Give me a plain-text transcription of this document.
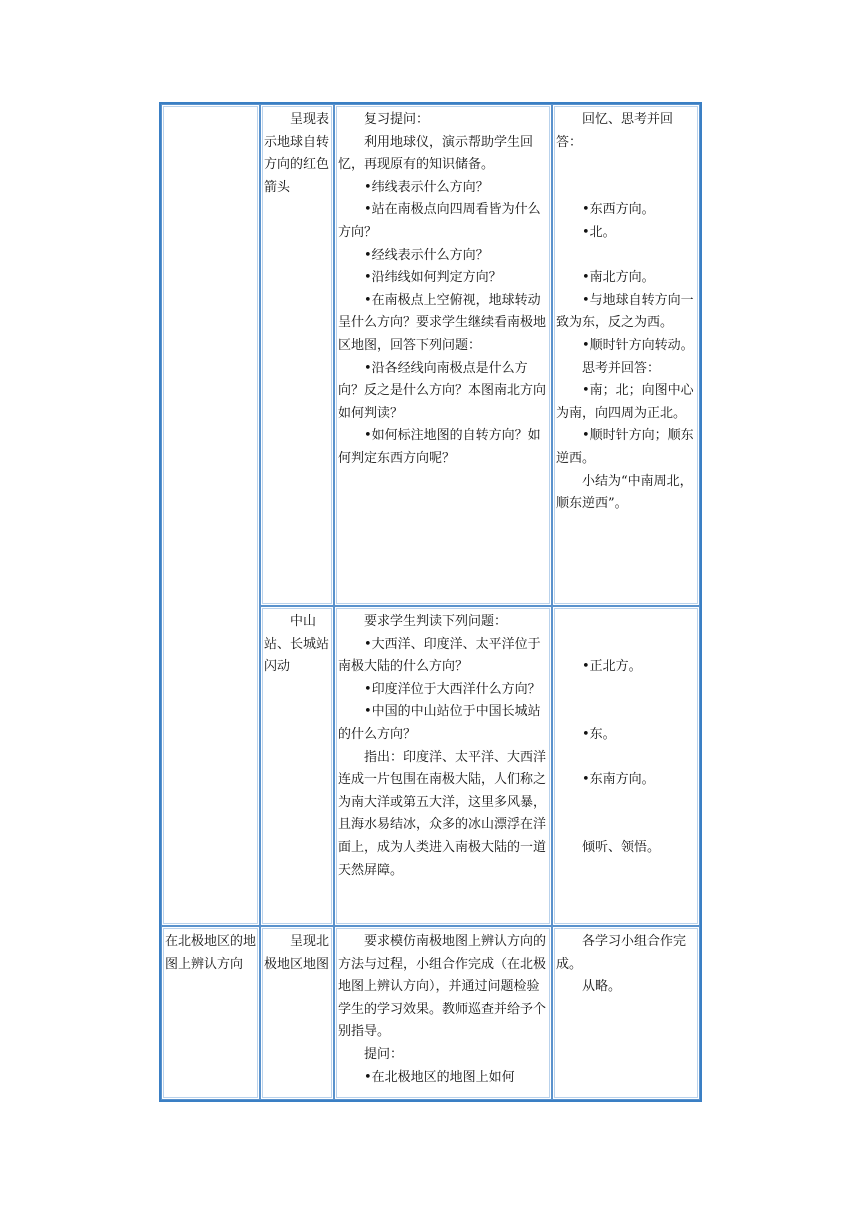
呈现表示地球自转方向的红色箭头

复习提问：

利用地球仪，演示帮助学生回忆，再现原有的知识储备。

•纬线表示什么方向？

•站在南极点向四周看皆为什么方向？

•经线表示什么方向？

•沿纬线如何判定方向？

•在南极点上空俯视，地球转动呈什么方向？要求学生继续看南极地区地图，回答下列问题：

•沿各经线向南极点是什么方向？反之是什么方向？本图南北方向如何判读？

•如何标注地图的自转方向？如何判定东西方向呢？

回忆、思考并回答：

•东西方向。

•北。

•南北方向。

•与地球自转方向一致为东，反之为西。

•顺时针方向转动。

思考并回答：

•南；北；向图中心为南，向四周为正北。

•顺时针方向；顺东逆西。

小结为“中南周北，顺东逆西”。

中山站、长城站闪动

要求学生判读下列问题：

•大西洋、印度洋、太平洋位于南极大陆的什么方向？

•印度洋位于大西洋什么方向？

•中国的中山站位于中国长城站的什么方向？

指出：印度洋、太平洋、大西洋连成一片包围在南极大陆，人们称之为南大洋或第五大洋，这里多风暴，且海水易结冰，众多的冰山漂浮在洋面上，成为人类进入南极大陆的一道天然屏障。

•正北方。

•东。

•东南方向。

倾听、领悟。

在北极地区的地图上辨认方向

呈现北极地区地图

要求模仿南极地图上辨认方向的方法与过程，小组合作完成（在北极地图上辨认方向），并通过问题检验学生的学习效果。教师巡查并给予个别指导。

提问：

•在北极地区的地图上如何

各学习小组合作完成。

从略。
